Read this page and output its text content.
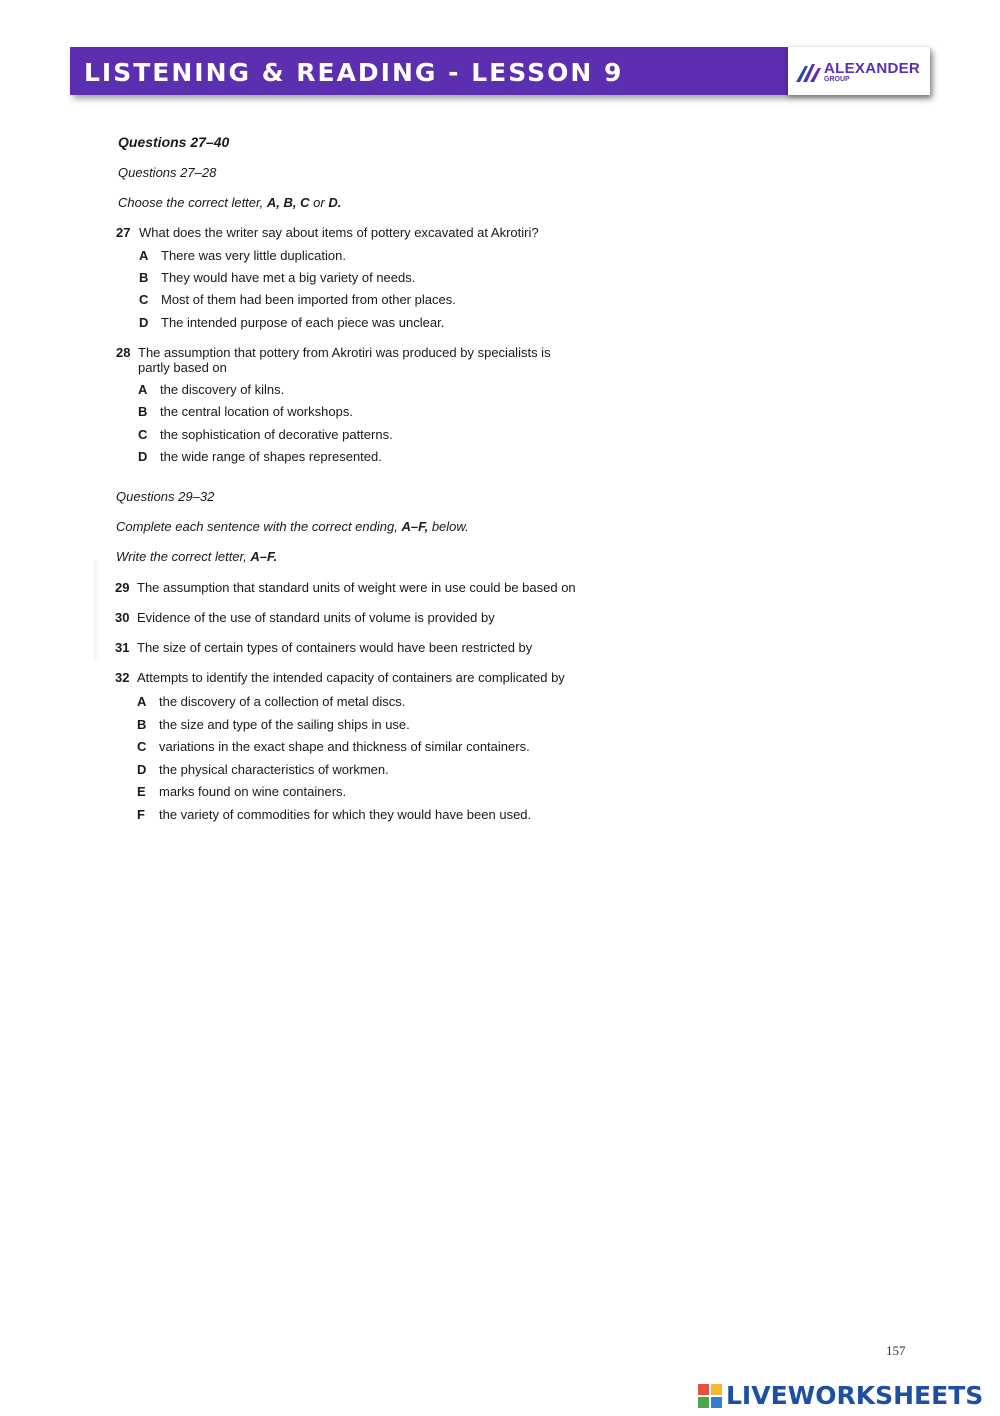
LISTENING & READING - LESSON 9	ALEXANDER
GROUP
Questions 27–40
Questions 27–28
Choose the correct letter, A, B, C or D.
27 What does the writer say about items of pottery excavated at Akrotiri?
A There was very little duplication.
B They would have met a big variety of needs.
C Most of them had been imported from other places.
D The intended purpose of each piece was unclear.
28 The assumption that pottery from Akrotiri was produced by specialists is
partly based on
A the discovery of kilns.
B the central location of workshops.
C the sophistication of decorative patterns.
D the wide range of shapes represented.
Questions 29–32
Complete each sentence with the correct ending, A–F, below.
Write the correct letter, A–F.
29 The assumption that standard units of weight were in use could be based on
30 Evidence of the use of standard units of volume is provided by
31 The size of certain types of containers would have been restricted by
32 Attempts to identify the intended capacity of containers are complicated by
A the discovery of a collection of metal discs.
B the size and type of the sailing ships in use.
C variations in the exact shape and thickness of similar containers.
D the physical characteristics of workmen.
E marks found on wine containers.
F the variety of commodities for which they would have been used.
157
LIVEWORKSHEETS
